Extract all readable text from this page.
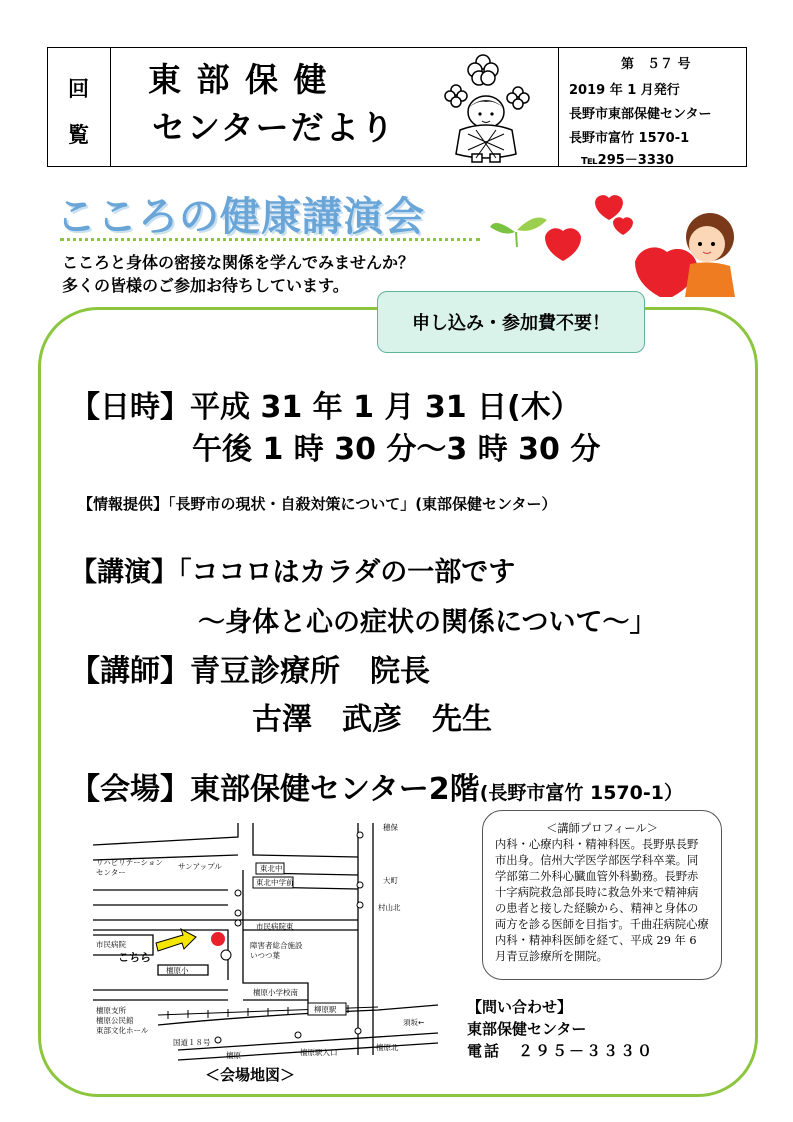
回
覧
東 部 保 健
センターだより
第　５７ 号
2019 年 1 月発行
長野市東部保健センター
長野市富竹 1570-1
℡295－3330
こころの健康講演会
こころと身体の密接な関係を学んでみませんか？
多くの皆様のご参加お待ちしています。
申し込み・参加費不要！
【日時】平成 31 年 1 月 31 日(木）
午後 1 時 30 分～3 時 30 分
【情報提供】「長野市の現状・自殺対策について」(東部保健センター）
【講演】「ココロはカラダの一部です
～身体と心の症状の関係について～」
【講師】青豆診療所　院長
古澤　武彦　先生
【会場】東部保健センター2階(長野市富竹 1570-1）
穂保
リハビリテーション
センター
サンアップル	東北中
東北中学前	大町
村山北
市民病院東
市民病院
こちら
障害者総合施設
いつつ葉
檀原小
檀原小学校南
柳原駅
檀原支所
檀原公民館
東部文化ホール
国道１８号
檀原	檀原駅入口
檀原北
須坂←
＜会場地図＞
＜講師プロフィール＞
内科・心療内科・精神科医。長野県長野市出身。信州大学医学部医学科卒業。同学部第二外科心臓血管外科勤務。長野赤十字病院救急部長時に救急外来で精神病の患者と接した経験から、精神と身体の両方を診る医師を目指す。千曲荘病院心療内科・精神科医師を経て、平成 29 年 6 月青豆診療所を開院。
【問い合わせ】
東部保健センター
電話　２９５－３３３０
